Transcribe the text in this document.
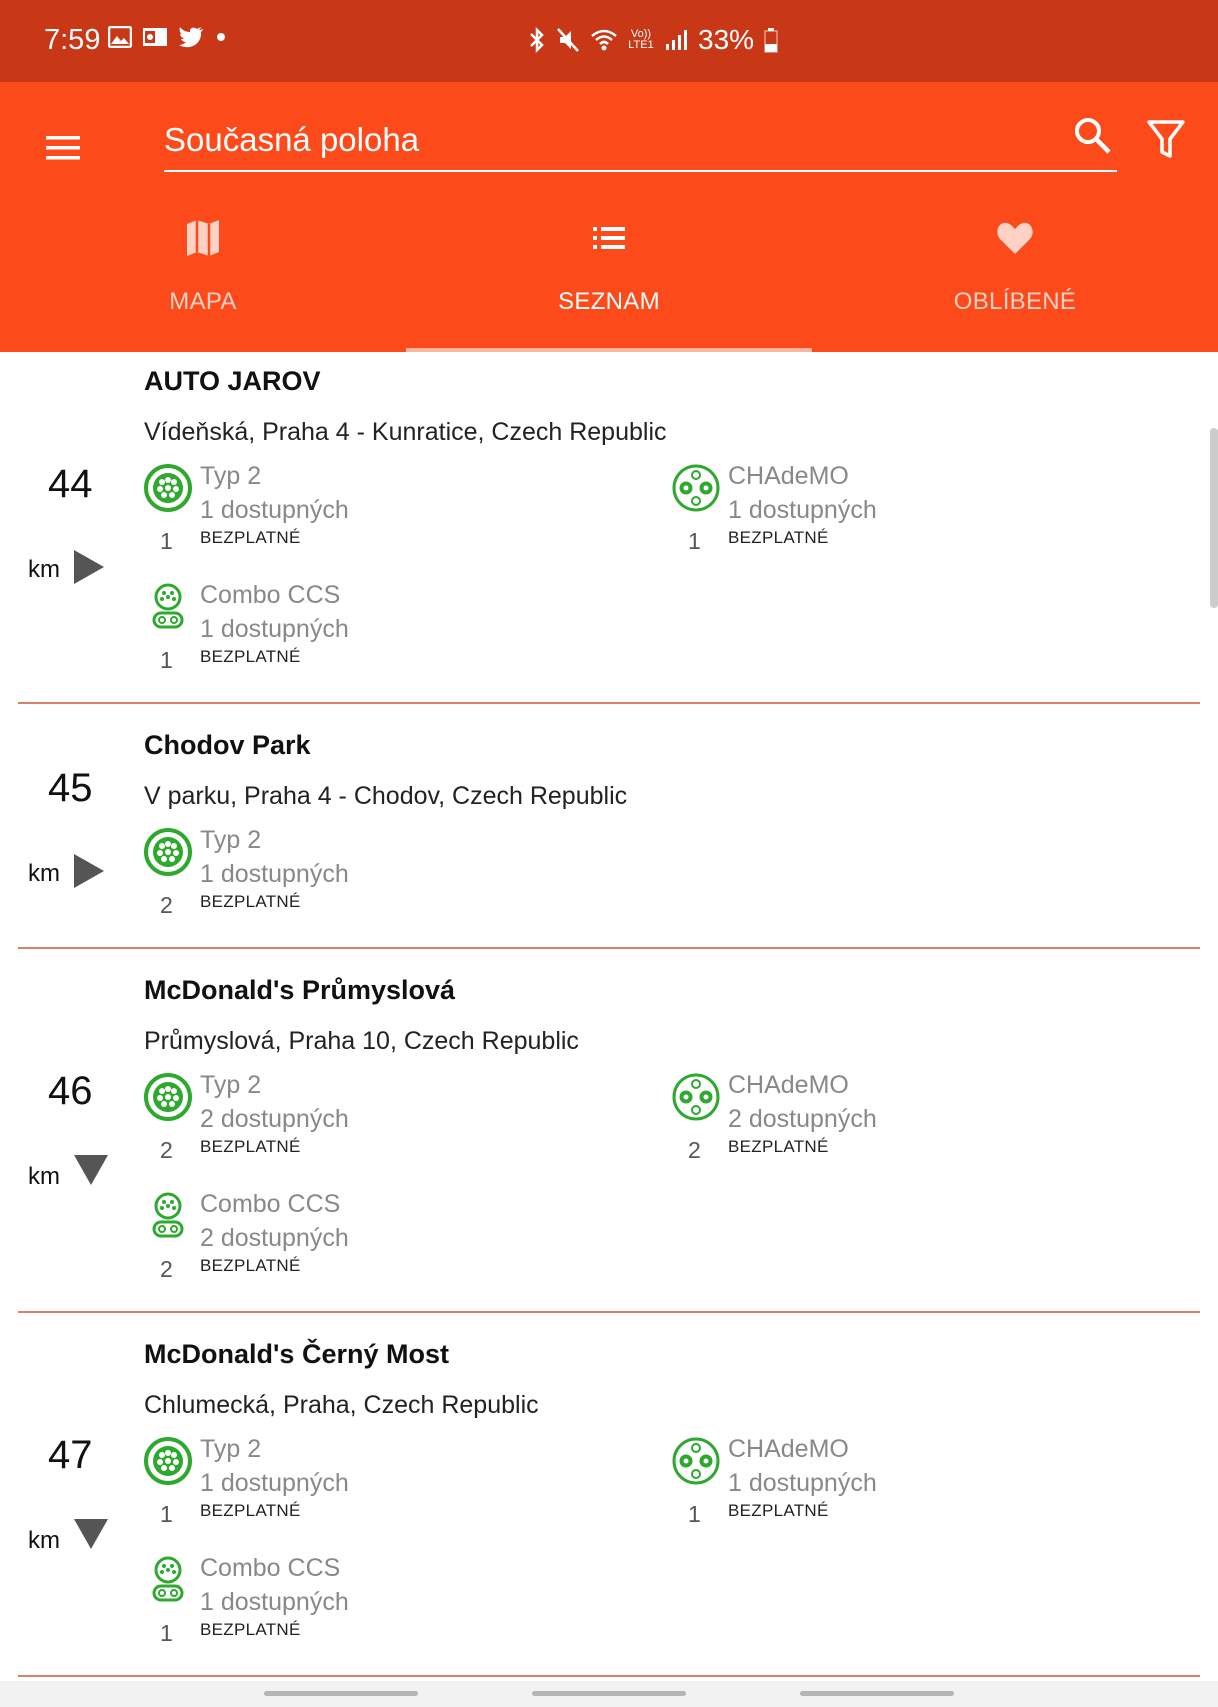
7:59	Vo)) LTE1 33%
Současná poloha
MAPA	SEZNAM	OBLÍBENÉ
AUTO JAROV
Vídeňská, Praha 4 - Kunratice, Czech Republic
44
km
Typ 2
1 dostupných
1 BEZPLATNÉ
CHAdeMO
1 dostupných
1 BEZPLATNÉ
Combo CCS
1 dostupných
1 BEZPLATNÉ
Chodov Park
V parku, Praha 4 - Chodov, Czech Republic
45
km
Typ 2
1 dostupných
2 BEZPLATNÉ
McDonald's Průmyslová
Průmyslová, Praha 10, Czech Republic
46
km
Typ 2
2 dostupných
2 BEZPLATNÉ
CHAdeMO
2 dostupných
2 BEZPLATNÉ
Combo CCS
2 dostupných
2 BEZPLATNÉ
McDonald's Černý Most
Chlumecká, Praha, Czech Republic
47
km
Typ 2
1 dostupných
1 BEZPLATNÉ
CHAdeMO
1 dostupných
1 BEZPLATNÉ
Combo CCS
1 dostupných
1 BEZPLATNÉ
